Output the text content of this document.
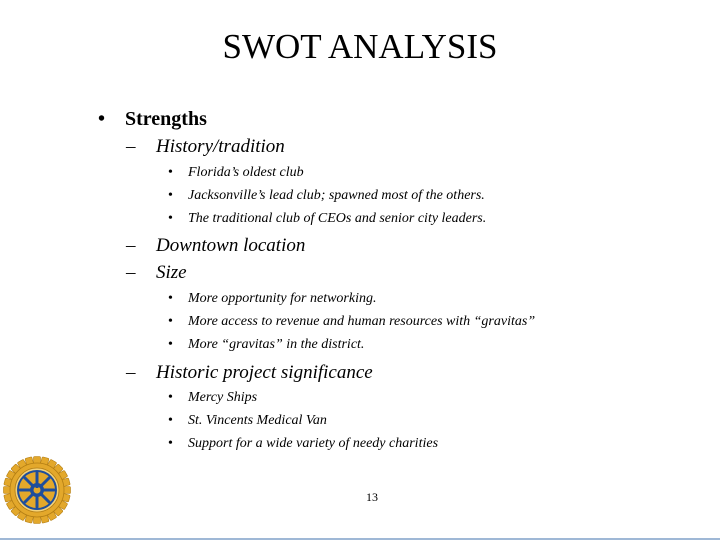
SWOT ANALYSIS
• Strengths
– History/tradition
• Florida’s oldest club
• Jacksonville’s lead club; spawned most of the others.
• The traditional club of CEOs and senior city leaders.
– Downtown location
– Size
• More opportunity for networking.
• More access to revenue and human resources with “gravitas”
• More “gravitas” in the district.
– Historic project significance
• Mercy Ships
• St. Vincents Medical Van
• Support for a wide variety of needy charities
13
